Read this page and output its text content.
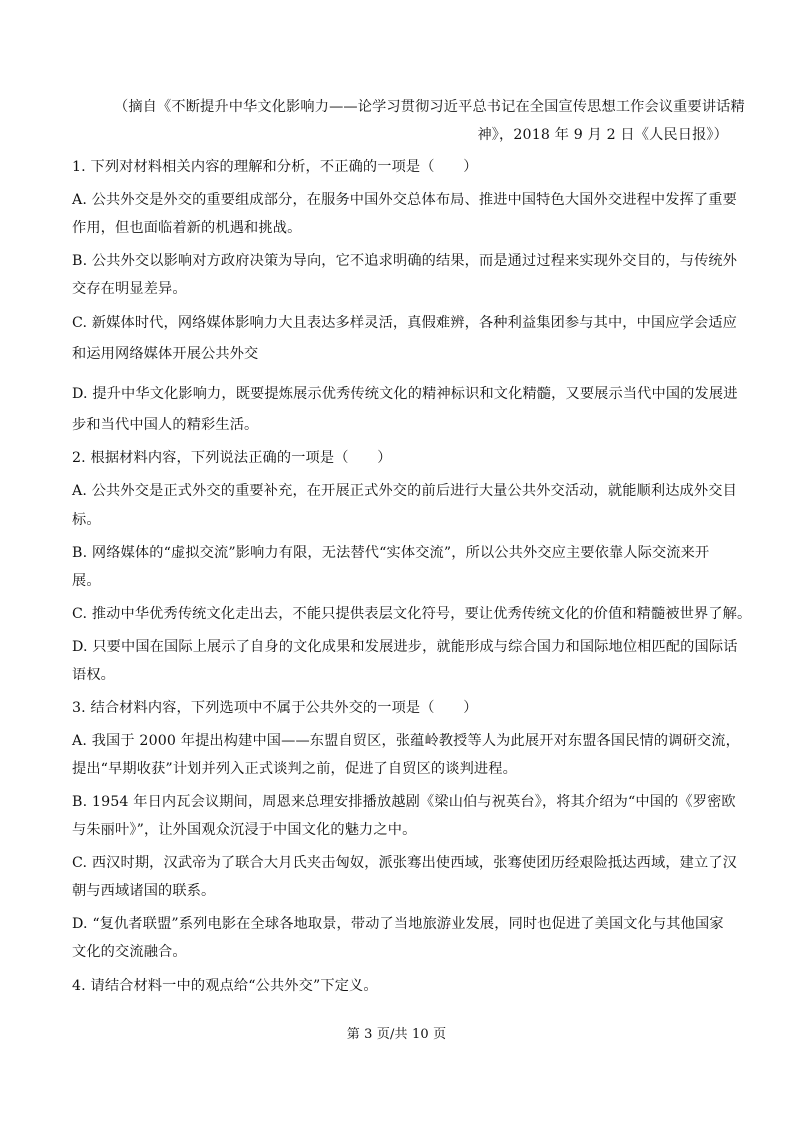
（摘自《不断提升中华文化影响力——论学习贯彻习近平总书记在全国宣传思想工作会议重要讲话精
神》，2018 年 9 月 2 日《人民日报》）
1. 下列对材料相关内容的理解和分析，不正确的一项是（　　）
A. 公共外交是外交的重要组成部分，在服务中国外交总体布局、推进中国特色大国外交进程中发挥了重要
作用，但也面临着新的机遇和挑战。
B. 公共外交以影响对方政府决策为导向，它不追求明确的结果，而是通过过程来实现外交目的，与传统外
交存在明显差异。
C. 新媒体时代，网络媒体影响力大且表达多样灵活，真假难辨，各种利益集团参与其中，中国应学会适应
和运用网络媒体开展公共外交
D. 提升中华文化影响力，既要提炼展示优秀传统文化的精神标识和文化精髓，又要展示当代中国的发展进
步和当代中国人的精彩生活。
2. 根据材料内容，下列说法正确的一项是（　　）
A. 公共外交是正式外交的重要补充，在开展正式外交的前后进行大量公共外交活动，就能顺利达成外交目
标。
B. 网络媒体的“虚拟交流”影响力有限，无法替代“实体交流”，所以公共外交应主要依靠人际交流来开
展。
C. 推动中华优秀传统文化走出去，不能只提供表层文化符号，要让优秀传统文化的价值和精髓被世界了解。
D. 只要中国在国际上展示了自身的文化成果和发展进步，就能形成与综合国力和国际地位相匹配的国际话
语权。
3. 结合材料内容，下列选项中不属于公共外交的一项是（　　）
A. 我国于 2000 年提出构建中国——东盟自贸区，张蕴岭教授等人为此展开对东盟各国民情的调研交流，
提出“早期收获”计划并列入正式谈判之前，促进了自贸区的谈判进程。
B. 1954 年日内瓦会议期间，周恩来总理安排播放越剧《梁山伯与祝英台》，将其介绍为“中国的《罗密欧
与朱丽叶》”，让外国观众沉浸于中国文化的魅力之中。
C. 西汉时期，汉武帝为了联合大月氏夹击匈奴，派张骞出使西域，张骞使团历经艰险抵达西域，建立了汉
朝与西域诸国的联系。
D. “复仇者联盟”系列电影在全球各地取景，带动了当地旅游业发展，同时也促进了美国文化与其他国家
文化的交流融合。
4. 请结合材料一中的观点给“公共外交”下定义。
第 3 页/共 10 页
